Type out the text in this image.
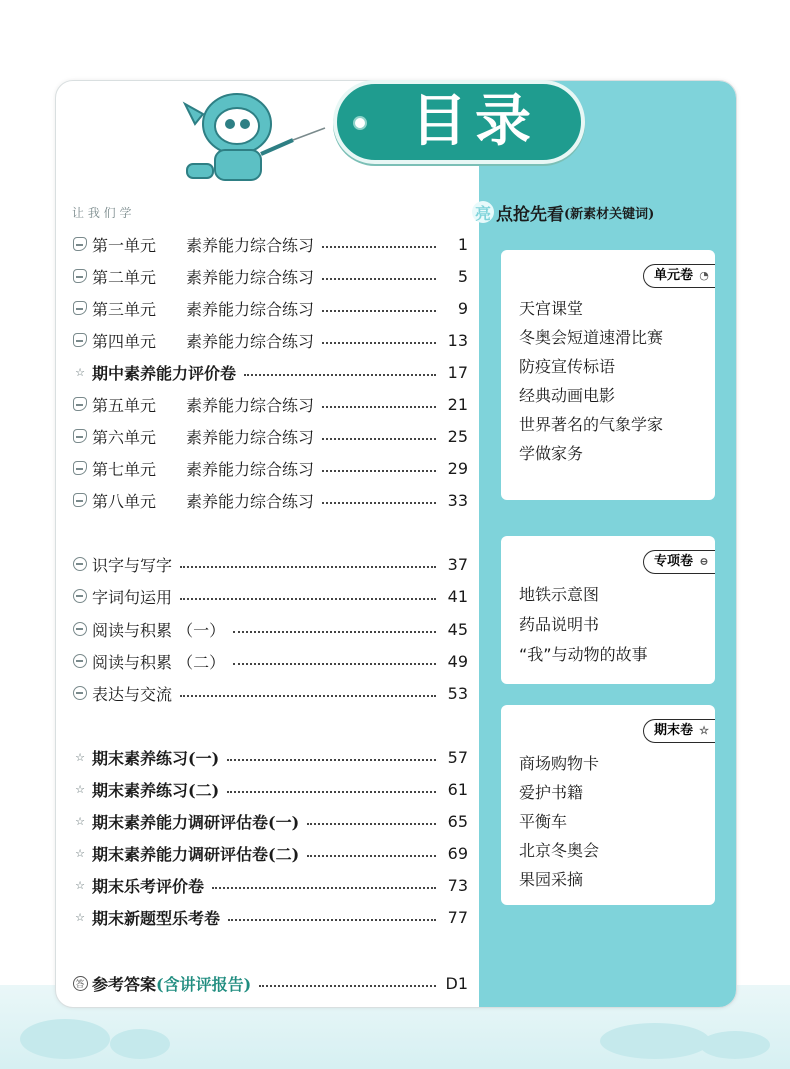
目录
让 我 们 学
第一单元	素养能力综合练习	1
第二单元	素养能力综合练习	5
第三单元	素养能力综合练习	9
第四单元	素养能力综合练习	13
☆ 期中素养能力评价卷	17
第五单元	素养能力综合练习	21
第六单元	素养能力综合练习	25
第七单元	素养能力综合练习	29
第八单元	素养能力综合练习	33
识字与写字	37
字词句运用	41
阅读与积累 （一）	45
阅读与积累 （二）	49
表达与交流	53
☆ 期末素养练习(一)	57
☆ 期末素养练习(二)	61
☆ 期末素养能力调研评估卷(一)	65
☆ 期末素养能力调研评估卷(二)	69
☆ 期末乐考评价卷	73
☆ 期末新题型乐考卷	77
答 参考答案 (含讲评报告)	D1
亮 点抢先看 (新素材关键词)
单元卷 ◔
天宫课堂
冬奥会短道速滑比赛
防疫宣传标语
经典动画电影
世界著名的气象学家
学做家务
专项卷 ⊖
地铁示意图
药品说明书
“我”与动物的故事
期末卷 ☆
商场购物卡
爱护书籍
平衡车
北京冬奥会
果园采摘
